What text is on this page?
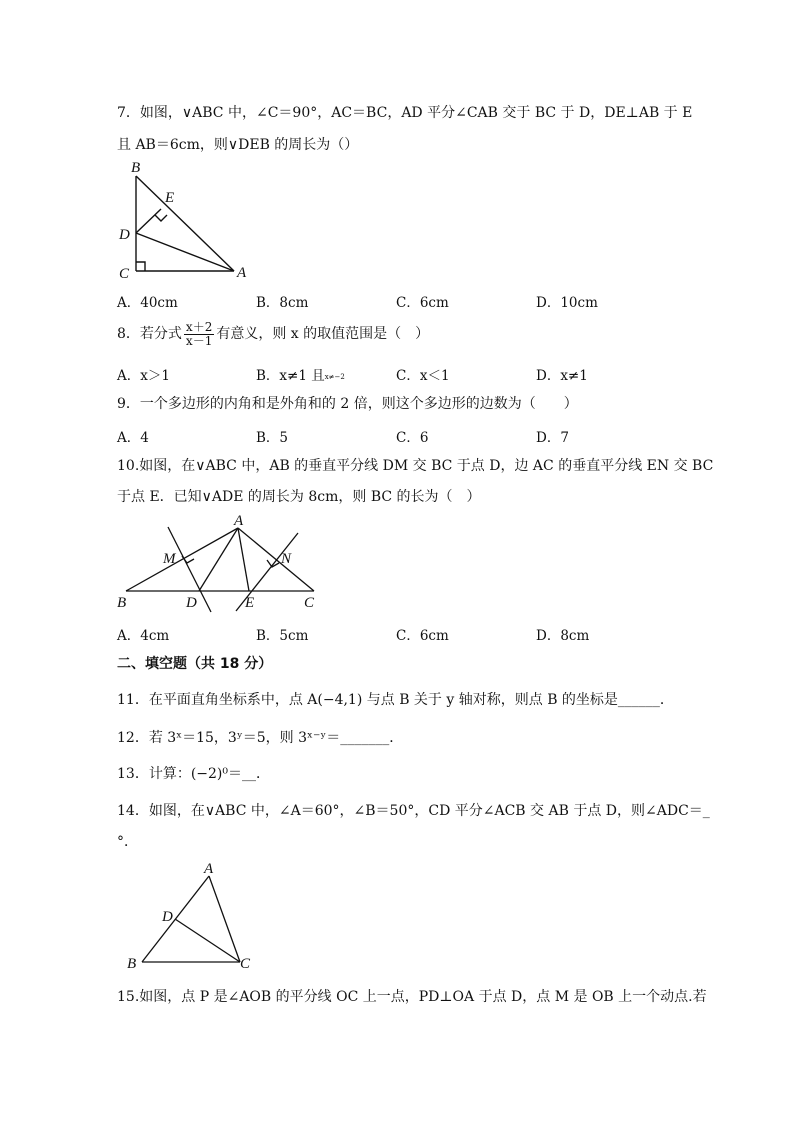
7．如图，∨ABC 中，∠C＝90°，AC＝BC，AD 平分∠CAB 交于 BC 于 D，DE⊥AB 于 E
且 AB＝6cm，则∨DEB 的周长为（）
B
E
D
C	A
A．40cm	B．8cm	C．6cm	D．10cm
8．若分式 $\frac{x+2}{x-1}$ 有意义，则 x 的取值范围是（　）
A．x＞1	B．x≠1 且x≠−2	C．x＜1	D．x≠1
9．一个多边形的内角和是外角和的 2 倍，则这个多边形的边数为（　　）
A．4	B．5	C．6	D．7
10.如图，在∨ABC 中，AB 的垂直平分线 DM 交 BC 于点 D，边 AC 的垂直平分线 EN 交 BC
于点 E．已知∨ADE 的周长为 8cm，则 BC 的长为（　）
A
M	N
B	D	E	C
A．4cm	B．5cm	C．6cm	D．8cm
二、填空题（共 18 分）
11．在平面直角坐标系中，点 A(−4,1) 与点 B 关于 y 轴对称，则点 B 的坐标是______．
12．若 3ˣ＝15，3ʸ＝5，则 3ˣ⁻ʸ＝_______．
13．计算：(−2)⁰＝__．
14．如图，在∨ABC 中，∠A＝60°，∠B＝50°，CD 平分∠ACB 交 AB 于点 D，则∠ADC＝_
°．
A
D
B	C
15.如图，点 P 是∠AOB 的平分线 OC 上一点，PD⊥OA 于点 D，点 M 是 OB 上一个动点.若
